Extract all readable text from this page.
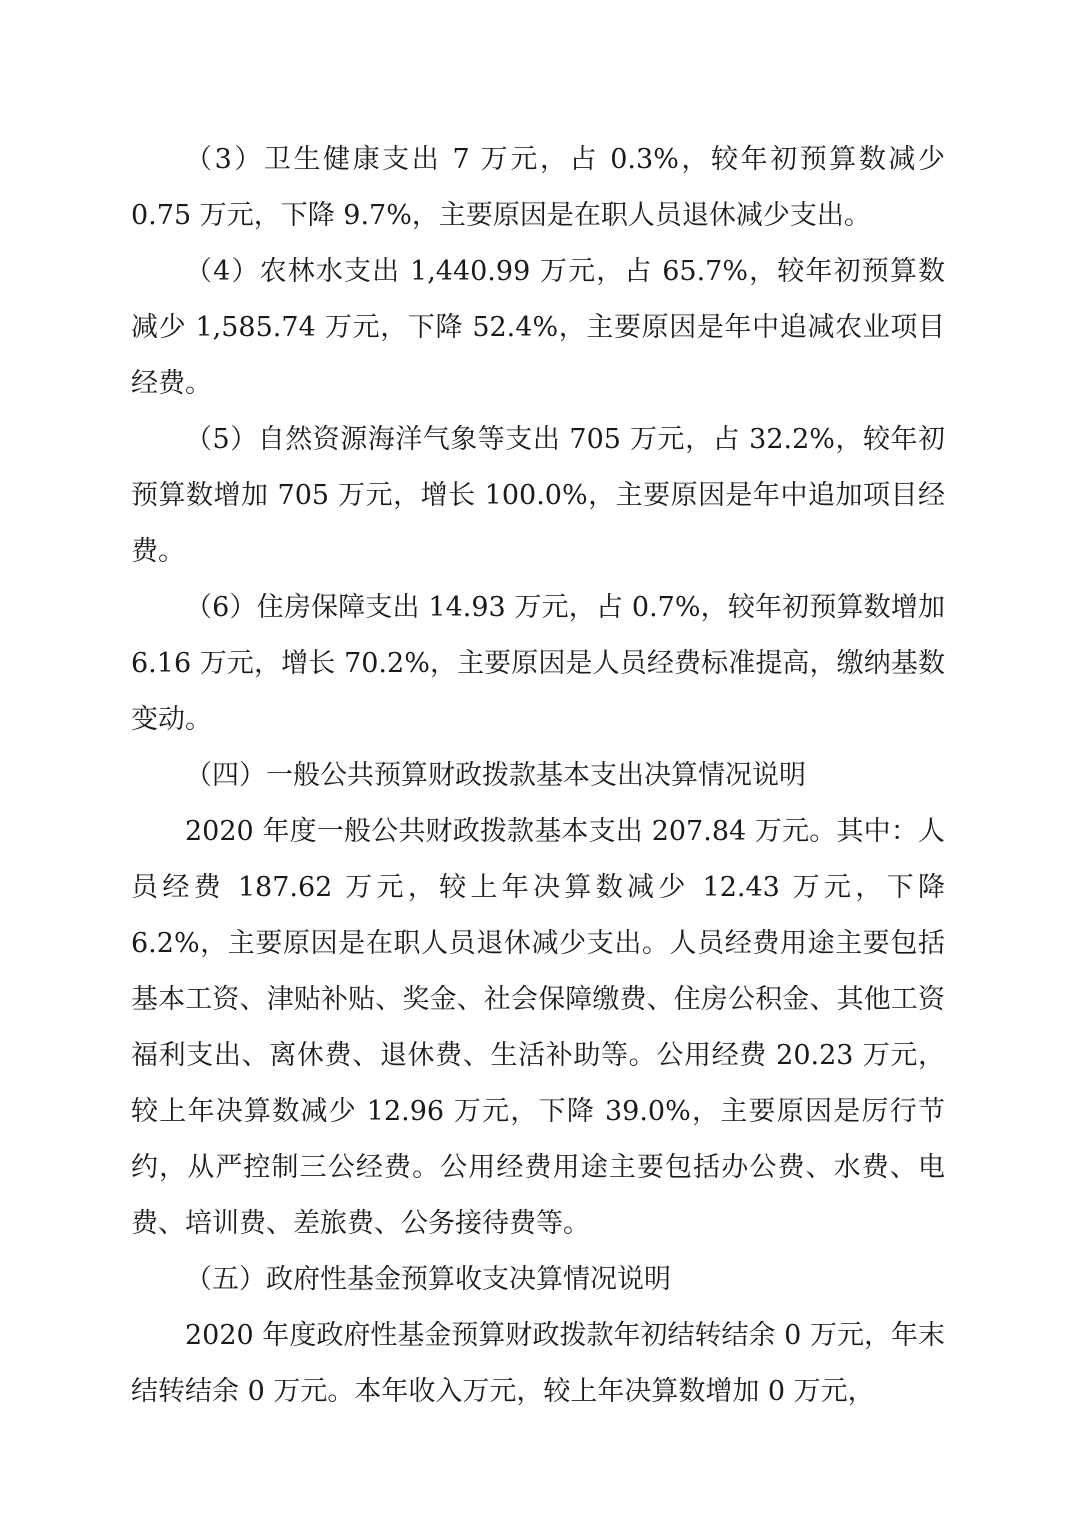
（3）卫生健康支出 7 万元，占 0.3%，较年初预算数减少 0.75 万元，下降 9.7%，主要原因是在职人员退休减少支出。

（4）农林水支出 1,440.99 万元，占 65.7%，较年初预算数减少 1,585.74 万元，下降 52.4%，主要原因是年中追减农业项目经费。

（5）自然资源海洋气象等支出 705 万元，占 32.2%，较年初预算数增加 705 万元，增长 100.0%，主要原因是年中追加项目经费。

（6）住房保障支出 14.93 万元，占 0.7%，较年初预算数增加 6.16 万元，增长 70.2%，主要原因是人员经费标准提高，缴纳基数变动。

（四）一般公共预算财政拨款基本支出决算情况说明

2020 年度一般公共财政拨款基本支出 207.84 万元。其中：人员经费 187.62 万元，较上年决算数减少 12.43 万元，下降 6.2%，主要原因是在职人员退休减少支出。人员经费用途主要包括基本工资、津贴补贴、奖金、社会保障缴费、住房公积金、其他工资福利支出、离休费、退休费、生活补助等。公用经费 20.23 万元，较上年决算数减少 12.96 万元，下降 39.0%，主要原因是厉行节约，从严控制三公经费。公用经费用途主要包括办公费、水费、电费、培训费、差旅费、公务接待费等。

（五）政府性基金预算收支决算情况说明

2020 年度政府性基金预算财政拨款年初结转结余 0 万元，年末结转结余 0 万元。本年收入万元，较上年决算数增加 0 万元，
